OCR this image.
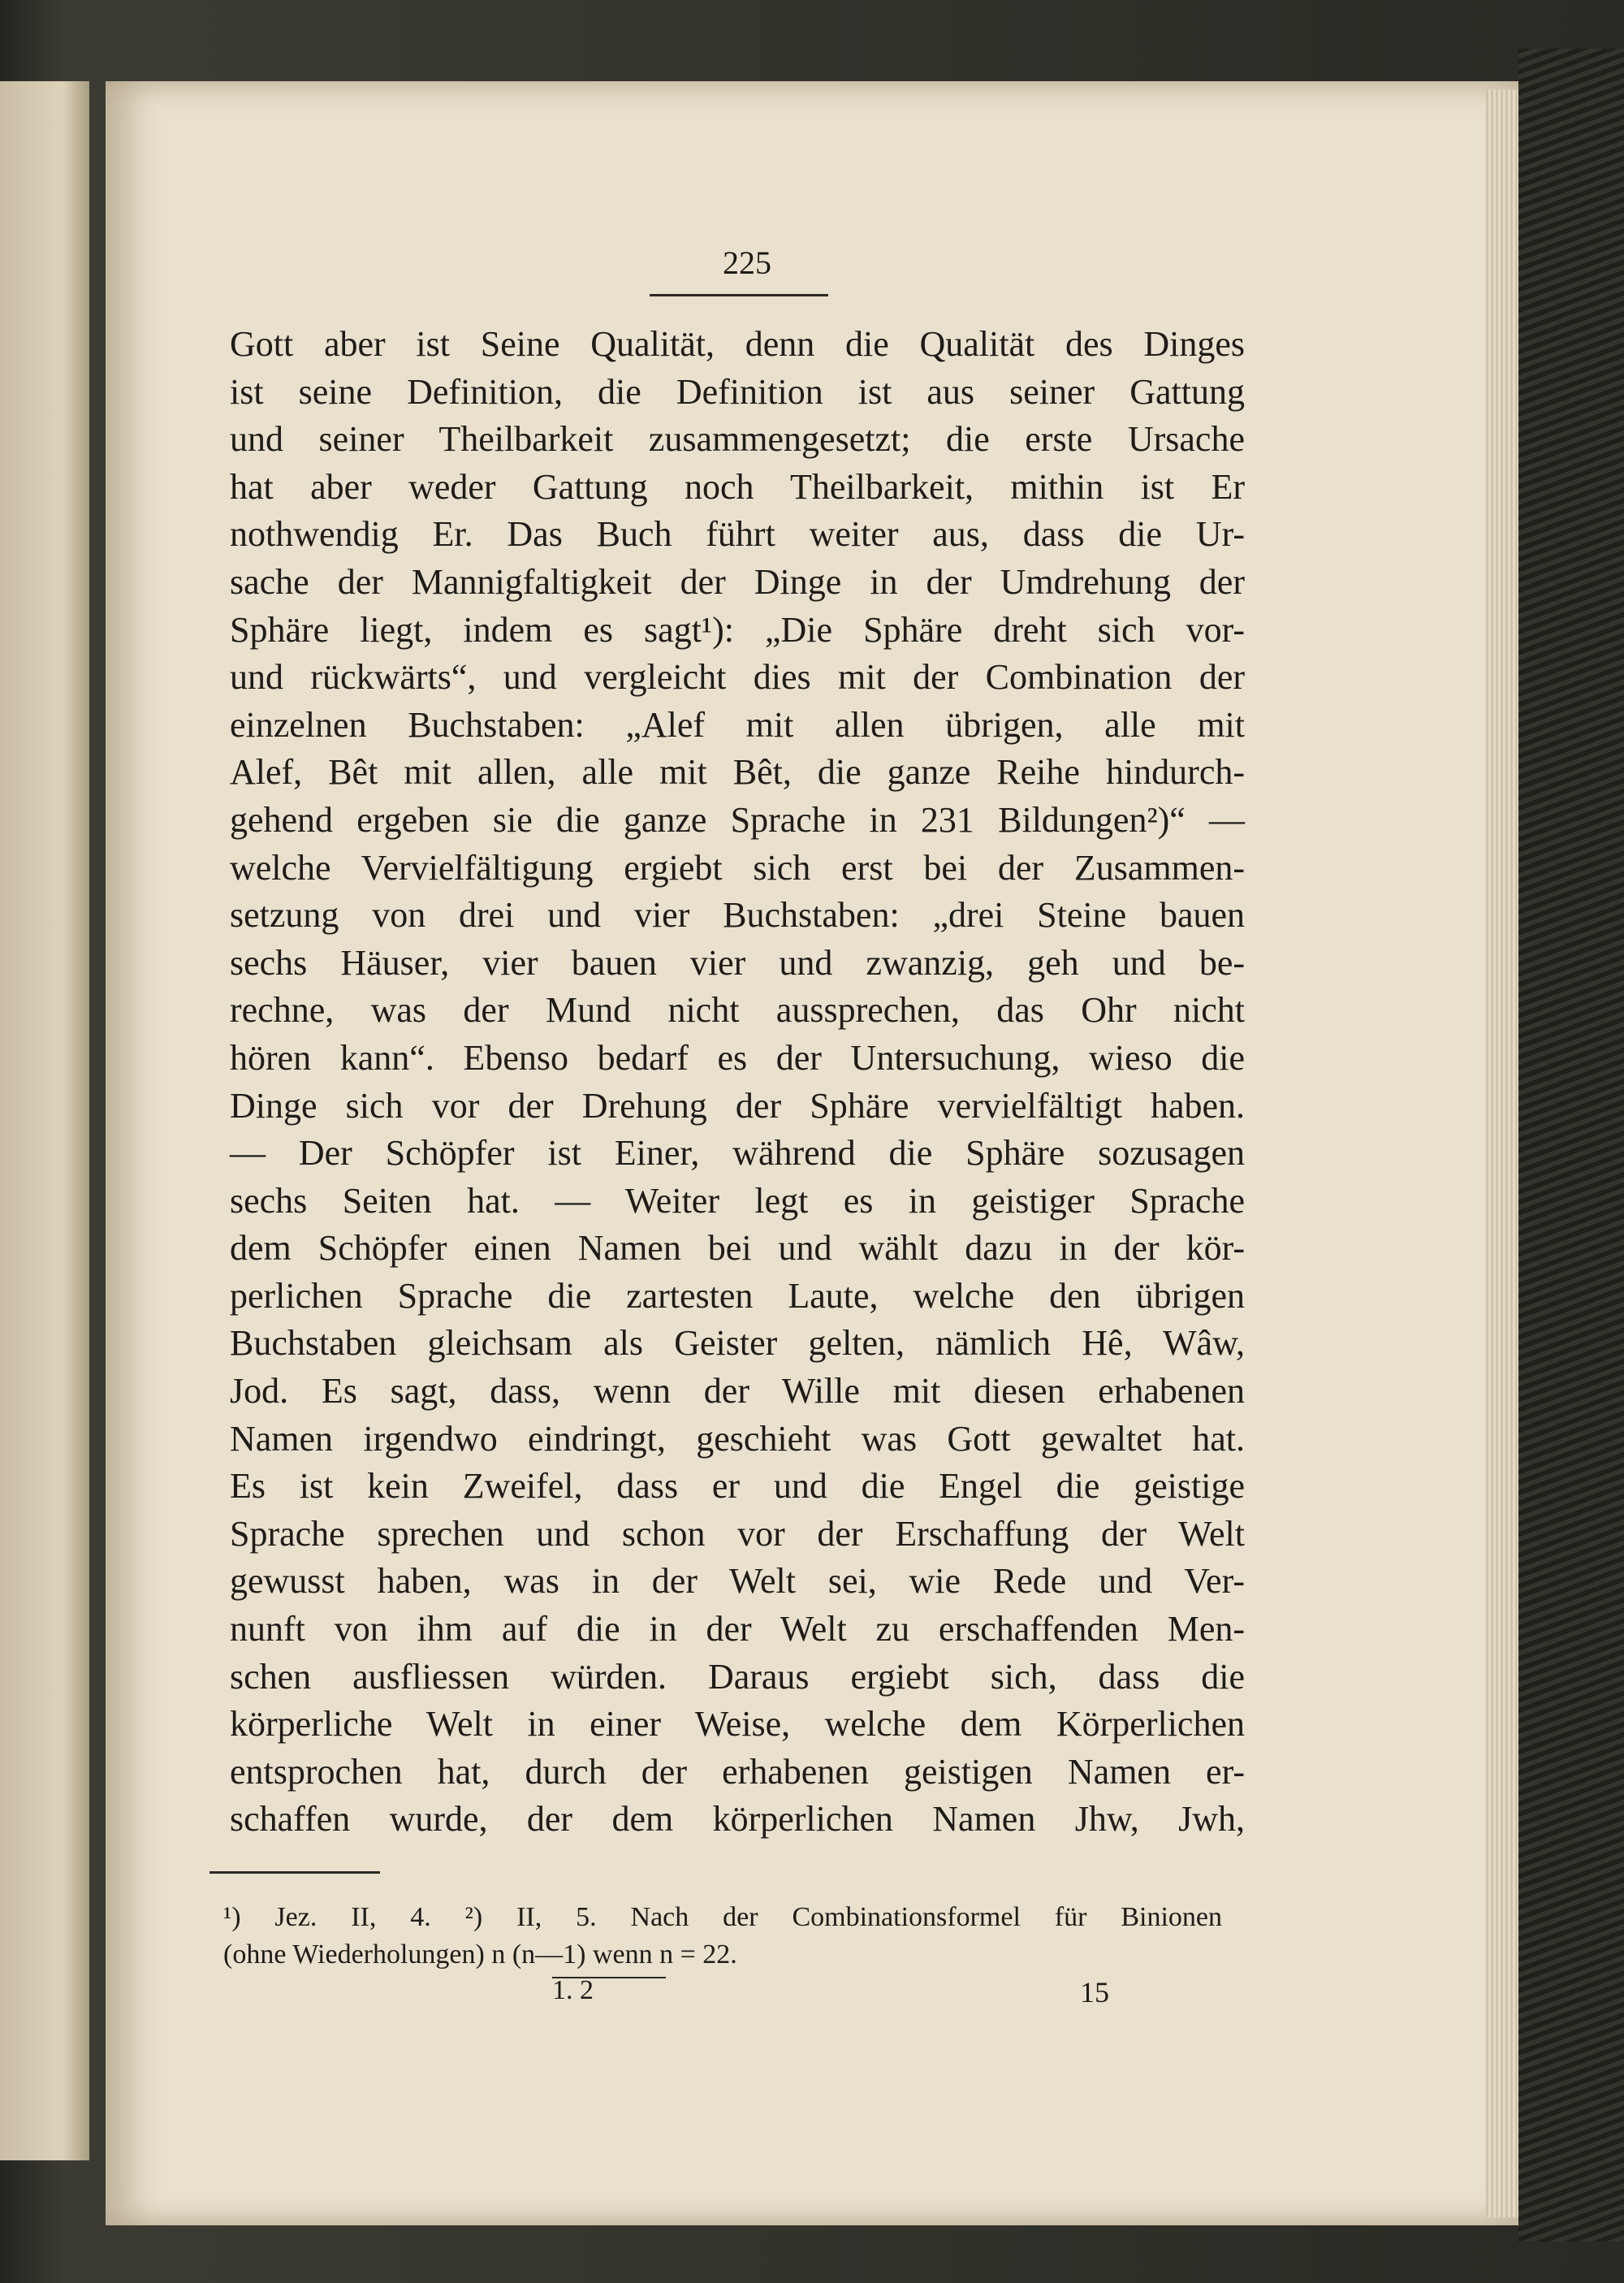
225
Gott aber ist Seine Qualität, denn die Qualität des Dinges
ist seine Definition, die Definition ist aus seiner Gattung
und seiner Theilbarkeit zusammengesetzt; die erste Ursache
hat aber weder Gattung noch Theilbarkeit, mithin ist Er
nothwendig Er. Das Buch führt weiter aus, dass die Ur-
sache der Mannigfaltigkeit der Dinge in der Umdrehung der
Sphäre liegt, indem es sagt¹): „Die Sphäre dreht sich vor-
und rückwärts“, und vergleicht dies mit der Combination der
einzelnen Buchstaben: „Alef mit allen übrigen, alle mit
Alef, Bêt mit allen, alle mit Bêt, die ganze Reihe hindurch-
gehend ergeben sie die ganze Sprache in 231 Bildungen²)“ —
welche Vervielfältigung ergiebt sich erst bei der Zusammen-
setzung von drei und vier Buchstaben: „drei Steine bauen
sechs Häuser, vier bauen vier und zwanzig, geh und be-
rechne, was der Mund nicht aussprechen, das Ohr nicht
hören kann“. Ebenso bedarf es der Untersuchung, wieso die
Dinge sich vor der Drehung der Sphäre vervielfältigt haben.
— Der Schöpfer ist Einer, während die Sphäre sozusagen
sechs Seiten hat. — Weiter legt es in geistiger Sprache
dem Schöpfer einen Namen bei und wählt dazu in der kör-
perlichen Sprache die zartesten Laute, welche den übrigen
Buchstaben gleichsam als Geister gelten, nämlich Hê, Wâw,
Jod. Es sagt, dass, wenn der Wille mit diesen erhabenen
Namen irgendwo eindringt, geschieht was Gott gewaltet hat.
Es ist kein Zweifel, dass er und die Engel die geistige
Sprache sprechen und schon vor der Erschaffung der Welt
gewusst haben, was in der Welt sei, wie Rede und Ver-
nunft von ihm auf die in der Welt zu erschaffenden Men-
schen ausfliessen würden. Daraus ergiebt sich, dass die
körperliche Welt in einer Weise, welche dem Körperlichen
entsprochen hat, durch der erhabenen geistigen Namen er-
schaffen wurde, der dem körperlichen Namen Jhw, Jwh,
¹) Jez. II, 4. ²) II, 5. Nach der Combinationsformel für Binionen
(ohne Wiederholungen) n (n—1) wenn n = 22.
1. 2	15
